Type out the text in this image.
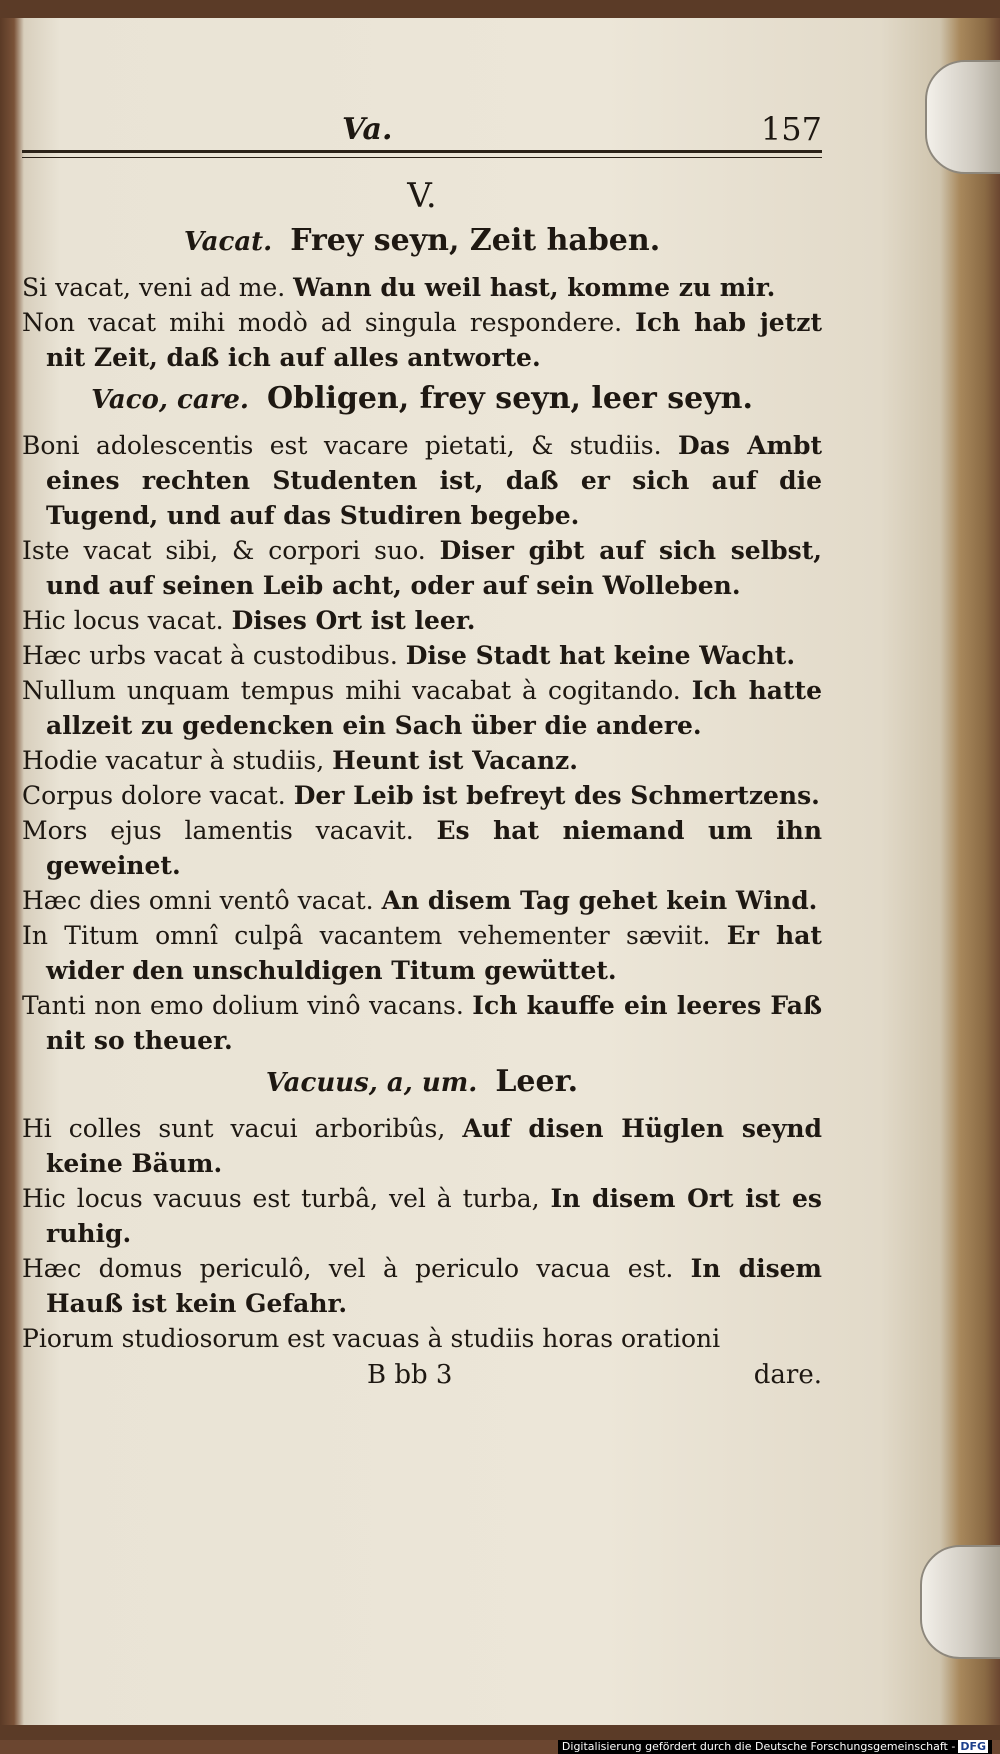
Va.	157
V.
Vacat. Frey seyn, Zeit haben.

Si vacat, veni ad me. Wann du weil hast, komme zu mir.

Non vacat mihi modò ad singula respondere. Ich hab jetzt nit Zeit, daß ich auf alles antworte.

Vaco, care. Obligen, frey seyn, leer seyn.

Boni adolescentis est vacare pietati, & studiis. Das Ambt eines rechten Studenten ist, daß er sich auf die Tugend, und auf das Studiren begebe.

Iste vacat sibi, & corpori suo. Diser gibt auf sich selbst, und auf seinen Leib acht, oder auf sein Wolleben.

Hic locus vacat. Dises Ort ist leer.

Hæc urbs vacat à custodibus. Dise Stadt hat keine Wacht.

Nullum unquam tempus mihi vacabat à cogitando. Ich hatte allzeit zu gedencken ein Sach über die andere.

Hodie vacatur à studiis, Heunt ist Vacanz.

Corpus dolore vacat. Der Leib ist befreyt des Schmertzens.

Mors ejus lamentis vacavit. Es hat niemand um ihn geweinet.

Hæc dies omni ventô vacat. An disem Tag gehet kein Wind.

In Titum omnî culpâ vacantem vehementer sæviit. Er hat wider den unschuldigen Titum gewüttet.

Tanti non emo dolium vinô vacans. Ich kauffe ein leeres Faß nit so theuer.

Vacuus, a, um. Leer.

Hi colles sunt vacui arboribûs, Auf disen Hüglen seynd keine Bäum.

Hic locus vacuus est turbâ, vel à turba, In disem Ort ist es ruhig.

Hæc domus periculô, vel à periculo vacua est. In disem Hauß ist kein Gefahr.

Piorum studiosorum est vacuas à studiis horas orationi

B bb 3	dare.
Digitalisierung gefördert durch die Deutsche Forschungsgemeinschaft - DFG
